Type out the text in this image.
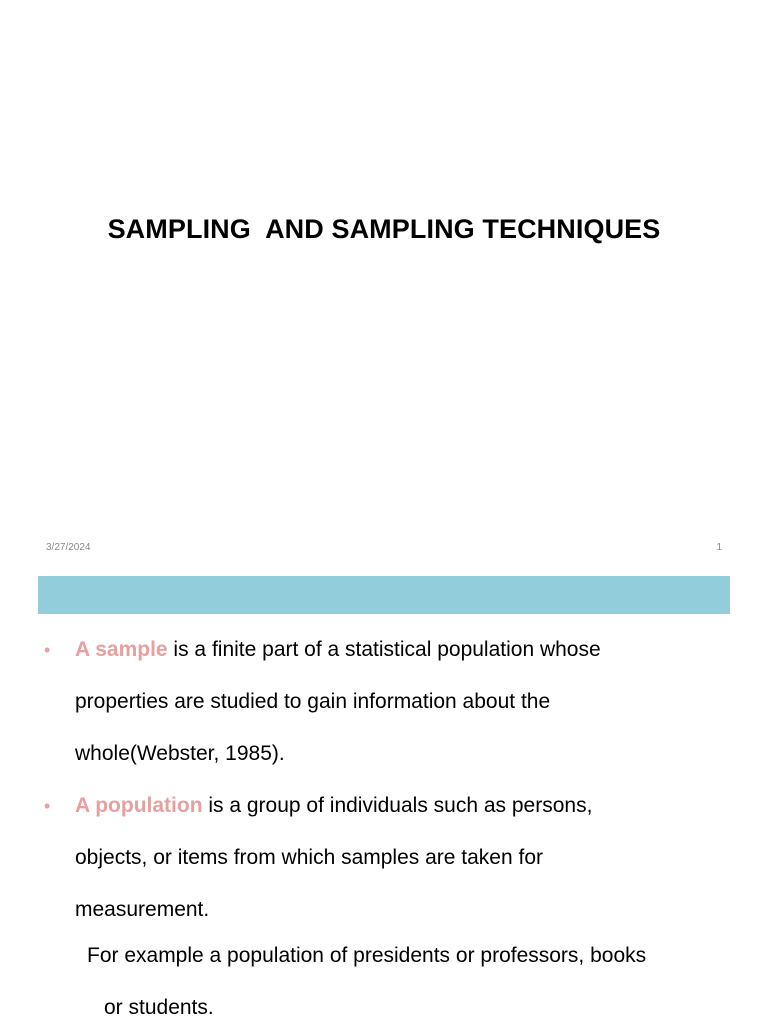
SAMPLING  AND SAMPLING TECHNIQUES
3/27/2024	1
• A sample is a finite part of a statistical population whose
properties are studied to gain information about the
whole(Webster, 1985).
• A population is a group of individuals such as persons,
objects, or items from which samples are taken for
measurement.

For example a population of presidents or professors, books
or students.
